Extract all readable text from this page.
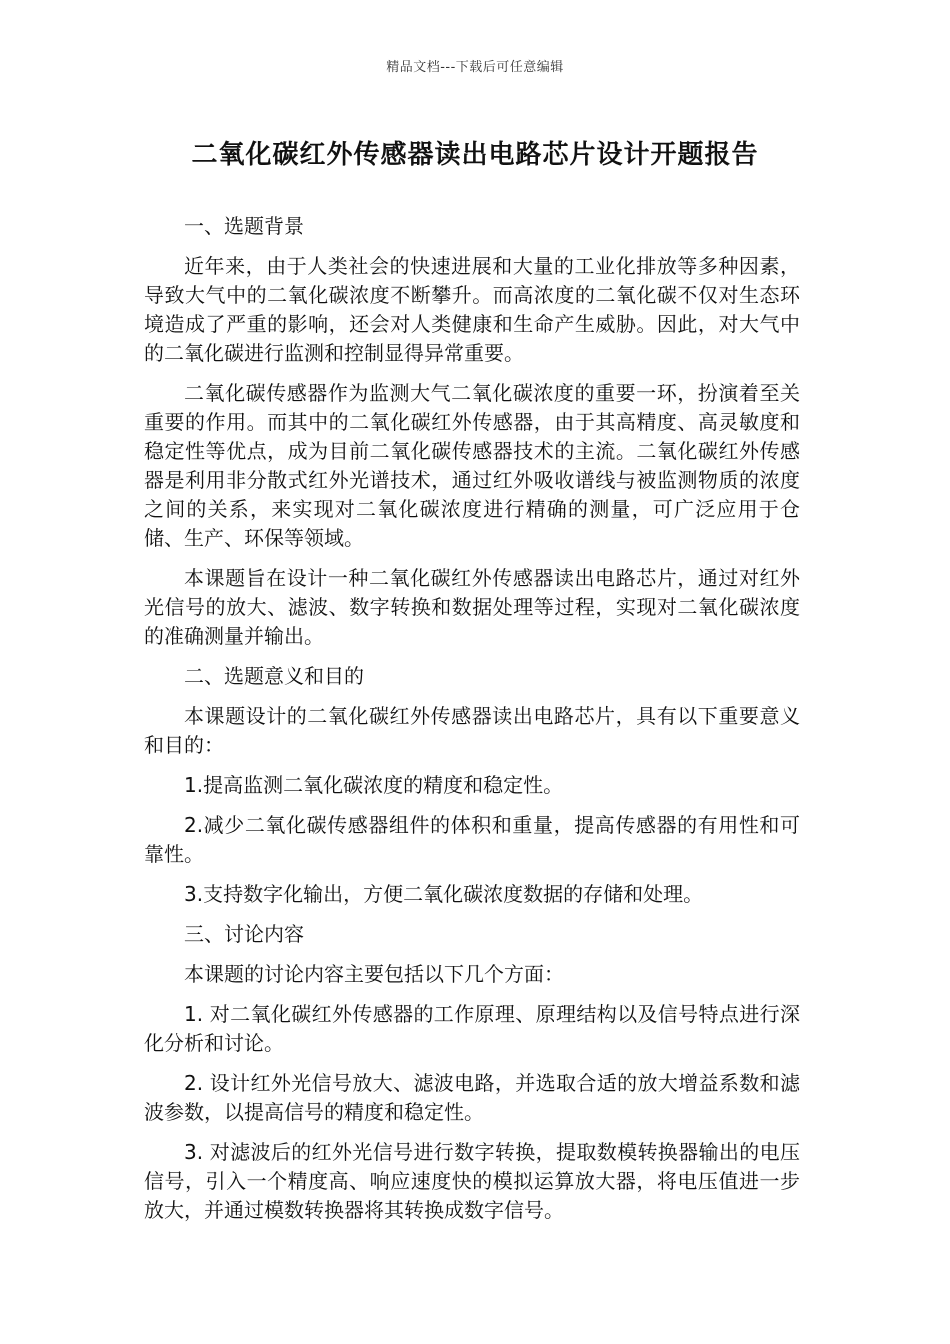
精品文档---下载后可任意编辑
二氧化碳红外传感器读出电路芯片设计开题报告
一、选题背景

近年来，由于人类社会的快速进展和大量的工业化排放等多种因素，导致大气中的二氧化碳浓度不断攀升。而高浓度的二氧化碳不仅对生态环境造成了严重的影响，还会对人类健康和生命产生威胁。因此，对大气中的二氧化碳进行监测和控制显得异常重要。

二氧化碳传感器作为监测大气二氧化碳浓度的重要一环，扮演着至关重要的作用。而其中的二氧化碳红外传感器，由于其高精度、高灵敏度和稳定性等优点，成为目前二氧化碳传感器技术的主流。二氧化碳红外传感器是利用非分散式红外光谱技术，通过红外吸收谱线与被监测物质的浓度之间的关系，来实现对二氧化碳浓度进行精确的测量，可广泛应用于仓储、生产、环保等领域。

本课题旨在设计一种二氧化碳红外传感器读出电路芯片，通过对红外光信号的放大、滤波、数字转换和数据处理等过程，实现对二氧化碳浓度的准确测量并输出。

二、选题意义和目的

本课题设计的二氧化碳红外传感器读出电路芯片，具有以下重要意义和目的：

1.提高监测二氧化碳浓度的精度和稳定性。

2.减少二氧化碳传感器组件的体积和重量，提高传感器的有用性和可靠性。

3.支持数字化输出，方便二氧化碳浓度数据的存储和处理。

三、讨论内容

本课题的讨论内容主要包括以下几个方面：

1. 对二氧化碳红外传感器的工作原理、原理结构以及信号特点进行深化分析和讨论。

2. 设计红外光信号放大、滤波电路，并选取合适的放大增益系数和滤波参数，以提高信号的精度和稳定性。

3. 对滤波后的红外光信号进行数字转换，提取数模转换器输出的电压信号，引入一个精度高、响应速度快的模拟运算放大器，将电压值进一步放大，并通过模数转换器将其转换成数字信号。
